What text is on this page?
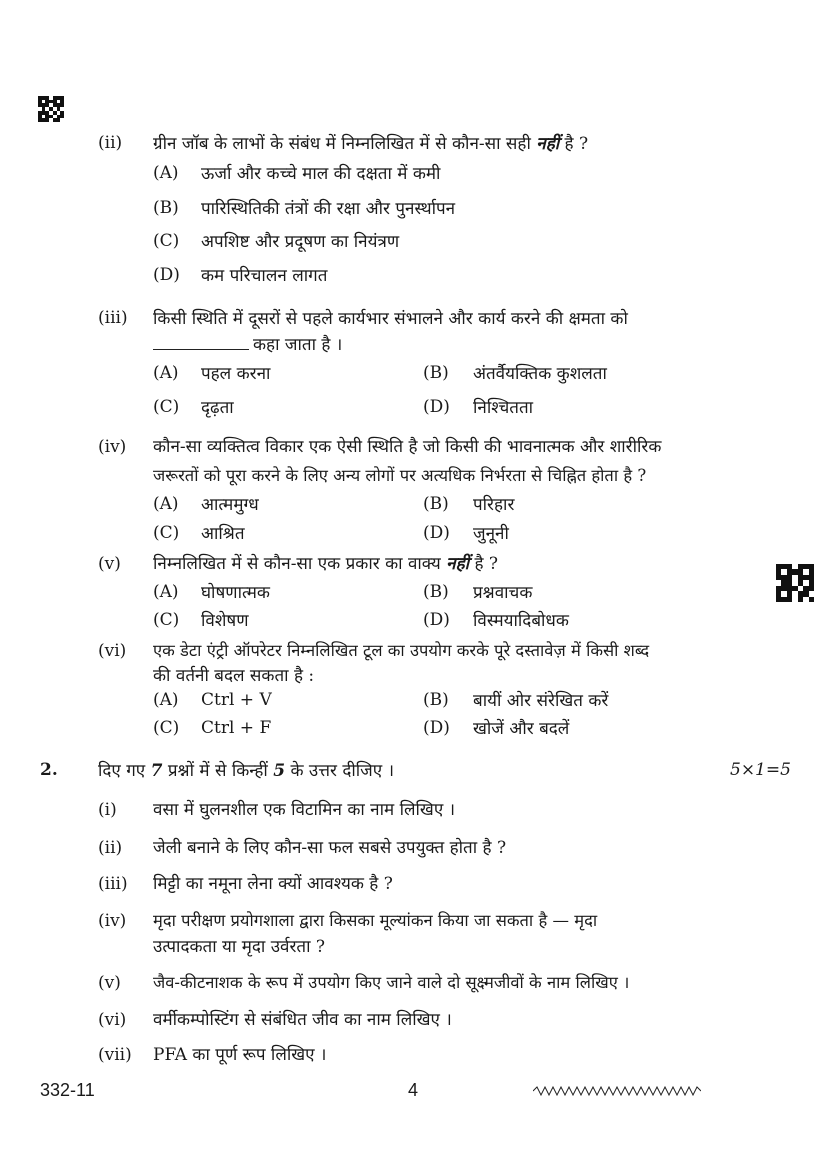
(ii) ग्रीन जॉब के लाभों के संबंध में निम्नलिखित में से कौन-सा सही नहीं है ?
(A) ऊर्जा और कच्चे माल की दक्षता में कमी
(B) पारिस्थितिकी तंत्रों की रक्षा और पुनर्स्थापन
(C) अपशिष्ट और प्रदूषण का नियंत्रण
(D) कम परिचालन लागत
(iii) किसी स्थिति में दूसरों से पहले कार्यभार संभालने और कार्य करने की क्षमता को
कहा जाता है ।
(A) पहल करना	(B) अंतर्वैयक्तिक कुशलता
(C) दृढ़ता	(D) निश्चितता
(iv) कौन-सा व्यक्तित्व विकार एक ऐसी स्थिति है जो किसी की भावनात्मक और शारीरिक
जरूरतों को पूरा करने के लिए अन्य लोगों पर अत्यधिक निर्भरता से चिह्नित होता है ?
(A) आत्ममुग्ध	(B) परिहार
(C) आश्रित	(D) जुनूनी
(v) निम्नलिखित में से कौन-सा एक प्रकार का वाक्य नहीं है ?
(A) घोषणात्मक	(B) प्रश्नवाचक
(C) विशेषण	(D) विस्मयादिबोधक
(vi) एक डेटा एंट्री ऑपरेटर निम्नलिखित टूल का उपयोग करके पूरे दस्तावेज़ में किसी शब्द
की वर्तनी बदल सकता है :
(A) Ctrl + V	(B) बायीं ओर संरेखित करें
(C) Ctrl + F	(D) खोजें और बदलें
2. दिए गए 7 प्रश्नों में से किन्हीं 5 के उत्तर दीजिए ।	5×1=5
(i) वसा में घुलनशील एक विटामिन का नाम लिखिए ।
(ii) जेली बनाने के लिए कौन-सा फल सबसे उपयुक्त होता है ?
(iii) मिट्टी का नमूना लेना क्यों आवश्यक है ?
(iv) मृदा परीक्षण प्रयोगशाला द्वारा किसका मूल्यांकन किया जा सकता है — मृदा
उत्पादकता या मृदा उर्वरता ?
(v) जैव-कीटनाशक के रूप में उपयोग किए जाने वाले दो सूक्ष्मजीवों के नाम लिखिए ।
(vi) वर्मीकम्पोस्टिंग से संबंधित जीव का नाम लिखिए ।
(vii) PFA का पूर्ण रूप लिखिए ।
332-11	4
